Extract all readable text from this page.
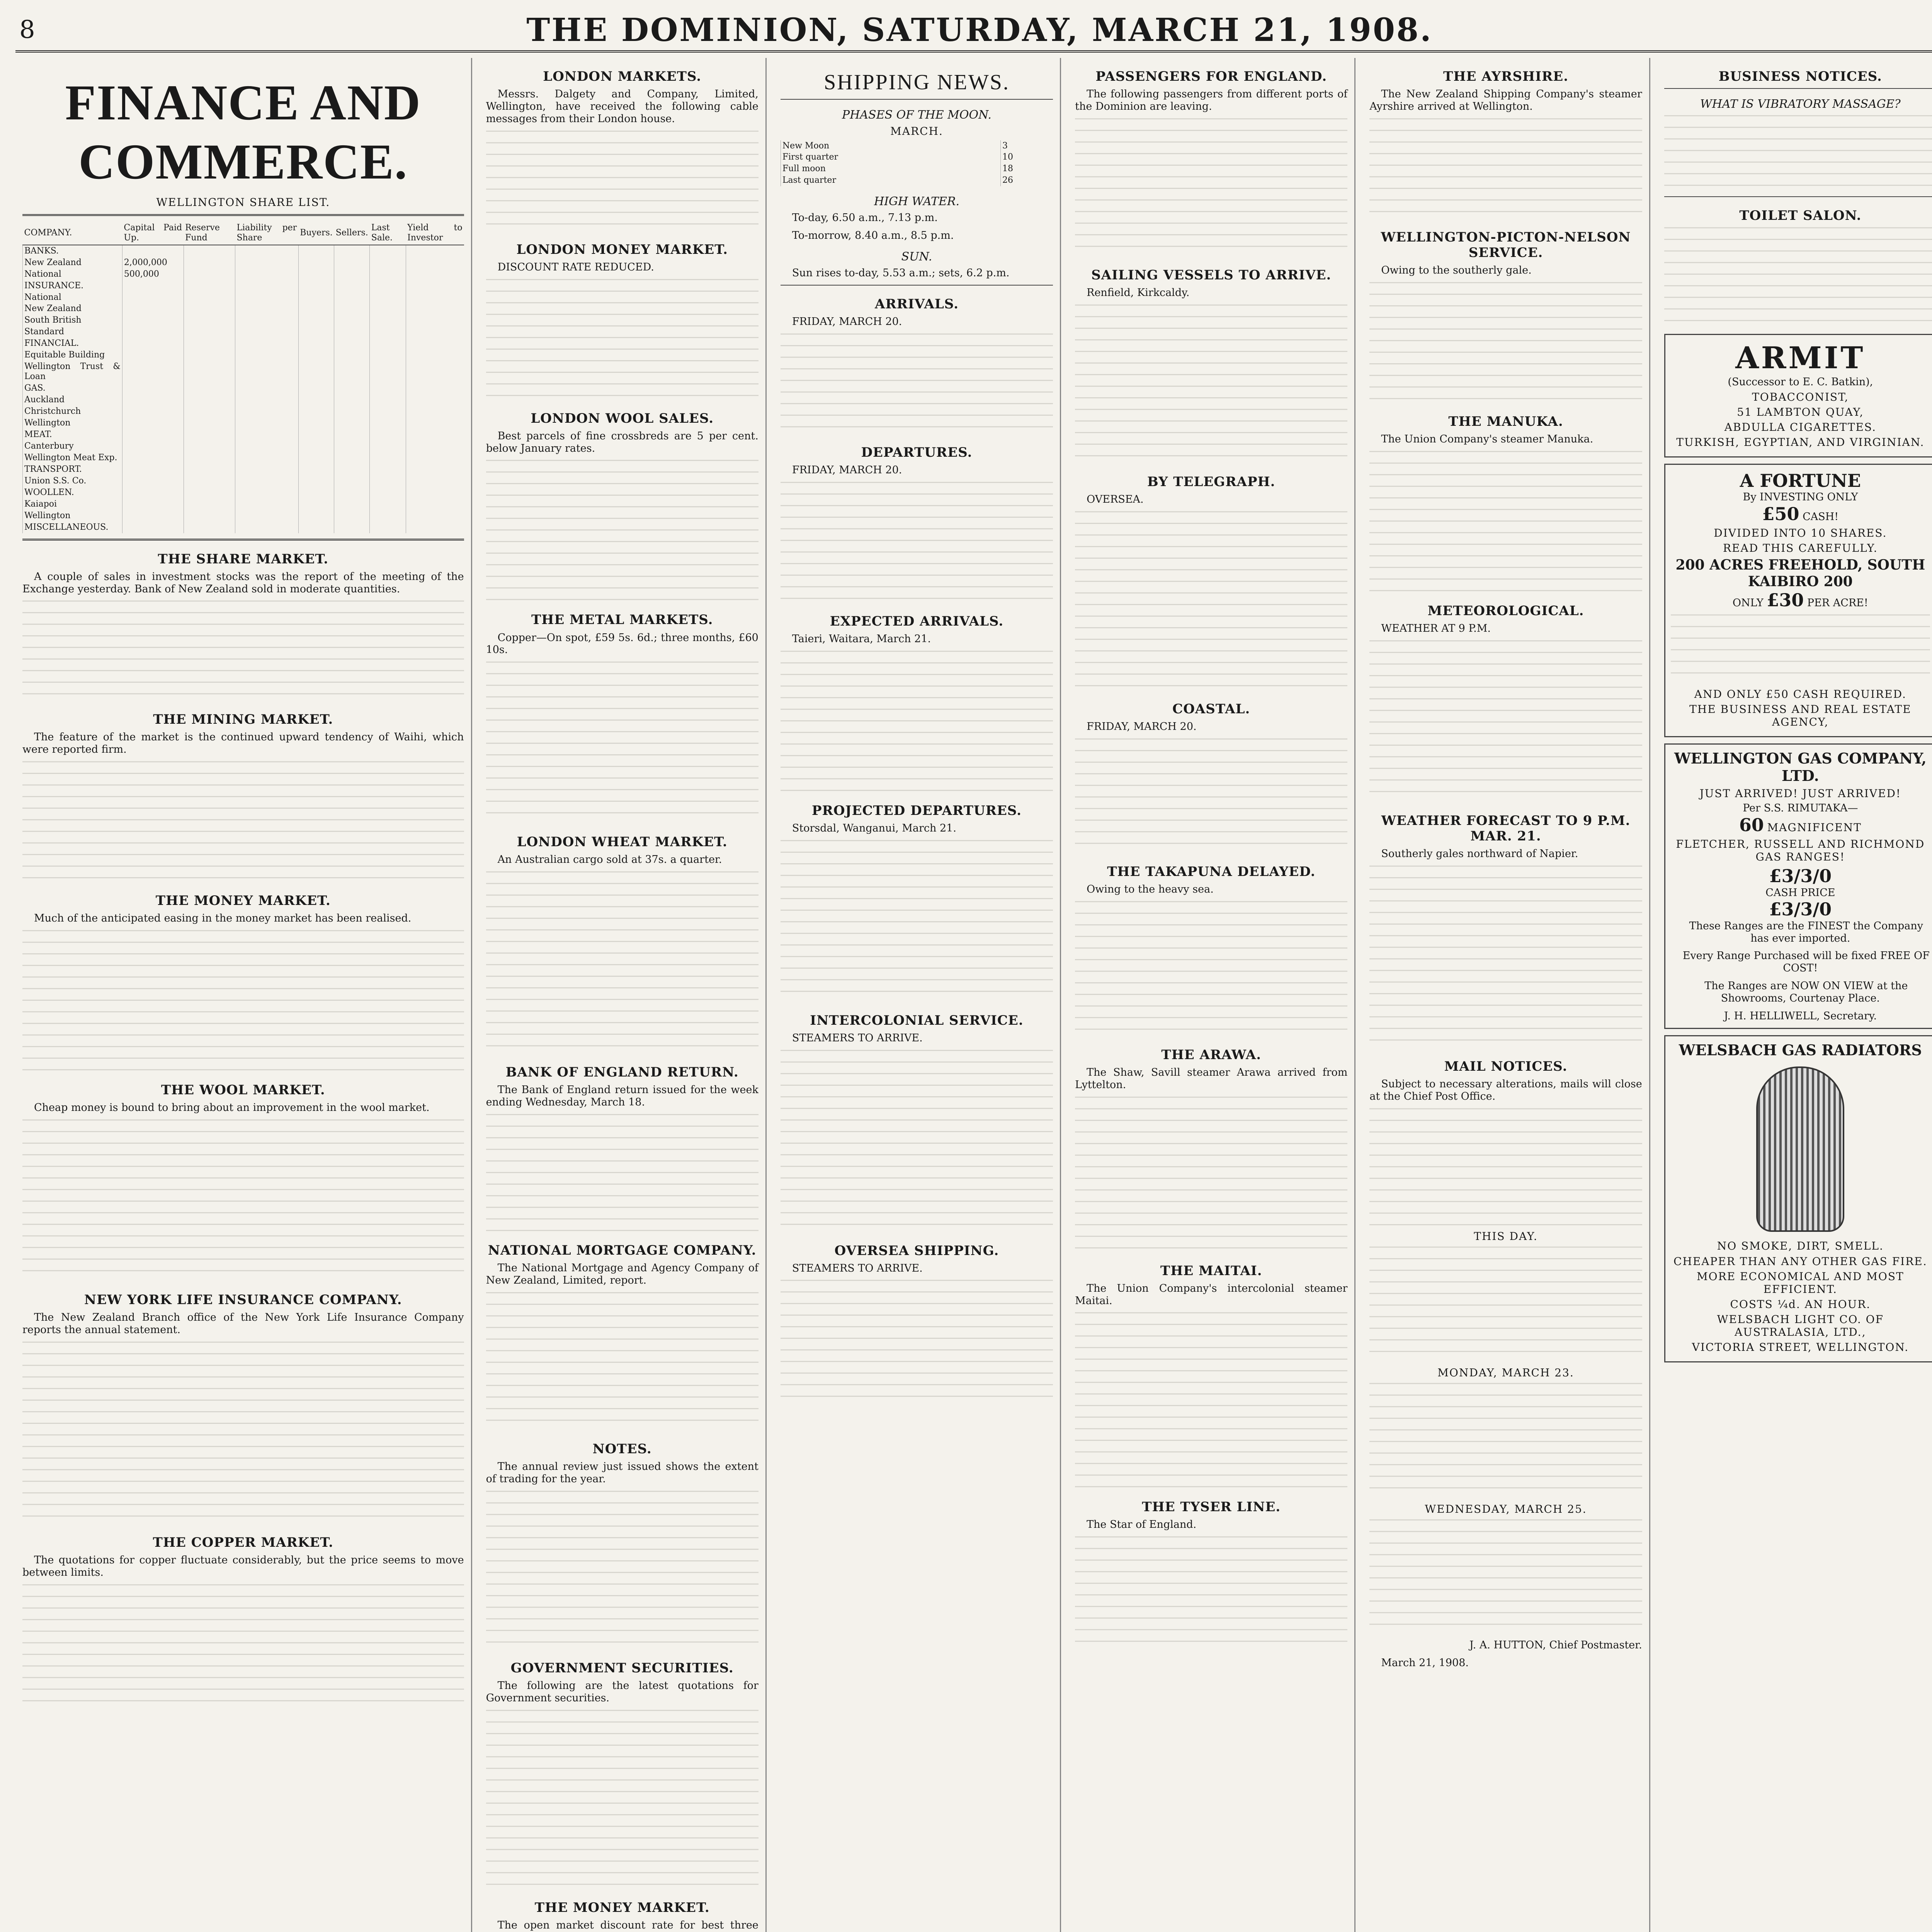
8	THE DOMINION, SATURDAY, MARCH 21, 1908.
FINANCE AND COMMERCE.
WELLINGTON SHARE LIST.
COMPANY.	Capital Paid Up.	Reserve Fund	Liability per Share	Buyers.	Sellers.	Last Sale.	Yield to Investor
BANKS.							
New Zealand	2,000,000						
National	500,000						
INSURANCE.							
National							
New Zealand							
South British							
Standard							
FINANCIAL.							
Equitable Building							
Wellington Trust & Loan							
GAS.							
Auckland							
Christchurch							
Wellington							
MEAT.							
Canterbury							
Wellington Meat Exp.							
TRANSPORT.							
Union S.S. Co.							
WOOLLEN.							
Kaiapoi							
Wellington							
MISCELLANEOUS.							
THE SHARE MARKET.

A couple of sales in investment stocks was the report of the meeting of the Exchange yesterday. Bank of New Zealand sold in moderate quantities.

THE MINING MARKET.

The feature of the market is the continued upward tendency of Waihi, which were reported firm.

THE MONEY MARKET.

Much of the anticipated easing in the money market has been realised.

THE WOOL MARKET.

Cheap money is bound to bring about an improvement in the wool market.

NEW YORK LIFE INSURANCE COMPANY.

The New Zealand Branch office of the New York Life Insurance Company reports the annual statement.

THE COPPER MARKET.

The quotations for copper fluctuate considerably, but the price seems to move between limits.

LONDON MARKETS.

Messrs. Dalgety and Company, Limited, Wellington, have received the following cable messages from their London house.

LONDON MONEY MARKET.

DISCOUNT RATE REDUCED.

LONDON WOOL SALES.

Best parcels of fine crossbreds are 5 per cent. below January rates.

THE METAL MARKETS.

Copper—On spot, £59 5s. 6d.; three months, £60 10s.

LONDON WHEAT MARKET.

An Australian cargo sold at 37s. a quarter.

BANK OF ENGLAND RETURN.

The Bank of England return issued for the week ending Wednesday, March 18.

NATIONAL MORTGAGE COMPANY.

The National Mortgage and Agency Company of New Zealand, Limited, report.

NOTES.

The annual review just issued shows the extent of trading for the year.

GOVERNMENT SECURITIES.

The following are the latest quotations for Government securities.

THE MONEY MARKET.

The open market discount rate for best three

SHIPPING NEWS.
PHASES OF THE MOON.
MARCH.
New Moon	3
First quarter	10
Full moon	18
Last quarter	26
HIGH WATER.

To-day, 6.50 a.m., 7.13 p.m.

To-morrow, 8.40 a.m., 8.5 p.m.

SUN.

Sun rises to-day, 5.53 a.m.; sets, 6.2 p.m.

ARRIVALS.

FRIDAY, MARCH 20.

DEPARTURES.

FRIDAY, MARCH 20.

EXPECTED ARRIVALS.

Taieri, Waitara, March 21.

PROJECTED DEPARTURES.

Storsdal, Wanganui, March 21.

INTERCOLONIAL SERVICE.

STEAMERS TO ARRIVE.

OVERSEA SHIPPING.

STEAMERS TO ARRIVE.

PASSENGERS FOR ENGLAND.

The following passengers from different ports of the Dominion are leaving.

SAILING VESSELS TO ARRIVE.

Renfield, Kirkcaldy.

BY TELEGRAPH.

OVERSEA.

COASTAL.

FRIDAY, MARCH 20.

THE TAKAPUNA DELAYED.

Owing to the heavy sea.

THE ARAWA.

The Shaw, Savill steamer Arawa arrived from Lyttelton.

THE MAITAI.

The Union Company's intercolonial steamer Maitai.

THE TYSER LINE.

The Star of England.

THE AYRSHIRE.

The New Zealand Shipping Company's steamer Ayrshire arrived at Wellington.

WELLINGTON-PICTON-NELSON SERVICE.

Owing to the southerly gale.

THE MANUKA.

The Union Company's steamer Manuka.

METEOROLOGICAL.

WEATHER AT 9 P.M.

WEATHER FORECAST TO 9 P.M. MAR. 21.

Southerly gales northward of Napier.

MAIL NOTICES.

Subject to necessary alterations, mails will close at the Chief Post Office.

THIS DAY.
MONDAY, MARCH 23.
WEDNESDAY, MARCH 25.

J. A. HUTTON, Chief Postmaster.

March 21, 1908.

BUSINESS NOTICES.
WHAT IS VIBRATORY MASSAGE?
TOILET SALON.
ARMIT
(Successor to E. C. Batkin),
TOBACCONIST,
51 LAMBTON QUAY,
ABDULLA CIGARETTES.
TURKISH, EGYPTIAN, AND VIRGINIAN.
A FORTUNE
By INVESTING ONLY
£50 CASH!
DIVIDED INTO 10 SHARES.
READ THIS CAREFULLY.
200 ACRES FREEHOLD, SOUTH KAIBIRO 200
ONLY £30 PER ACRE!
AND ONLY £50 CASH REQUIRED.
THE BUSINESS AND REAL ESTATE AGENCY,
WELLINGTON GAS COMPANY, LTD.
JUST ARRIVED! JUST ARRIVED!
Per S.S. RIMUTAKA—
60 MAGNIFICENT
FLETCHER, RUSSELL AND RICHMOND GAS RANGES!
£3/3/0
CASH PRICE
£3/3/0

These Ranges are the FINEST the Company has ever imported.

Every Range Purchased will be fixed FREE OF COST!

The Ranges are NOW ON VIEW at the Showrooms, Courtenay Place.

J. H. HELLIWELL, Secretary.
WELSBACH GAS RADIATORS
NO SMOKE, DIRT, SMELL.
CHEAPER THAN ANY OTHER GAS FIRE.
MORE ECONOMICAL AND MOST EFFICIENT.
COSTS ¼d. AN HOUR.
WELSBACH LIGHT CO. OF AUSTRALASIA, LTD.,
VICTORIA STREET, WELLINGTON.
